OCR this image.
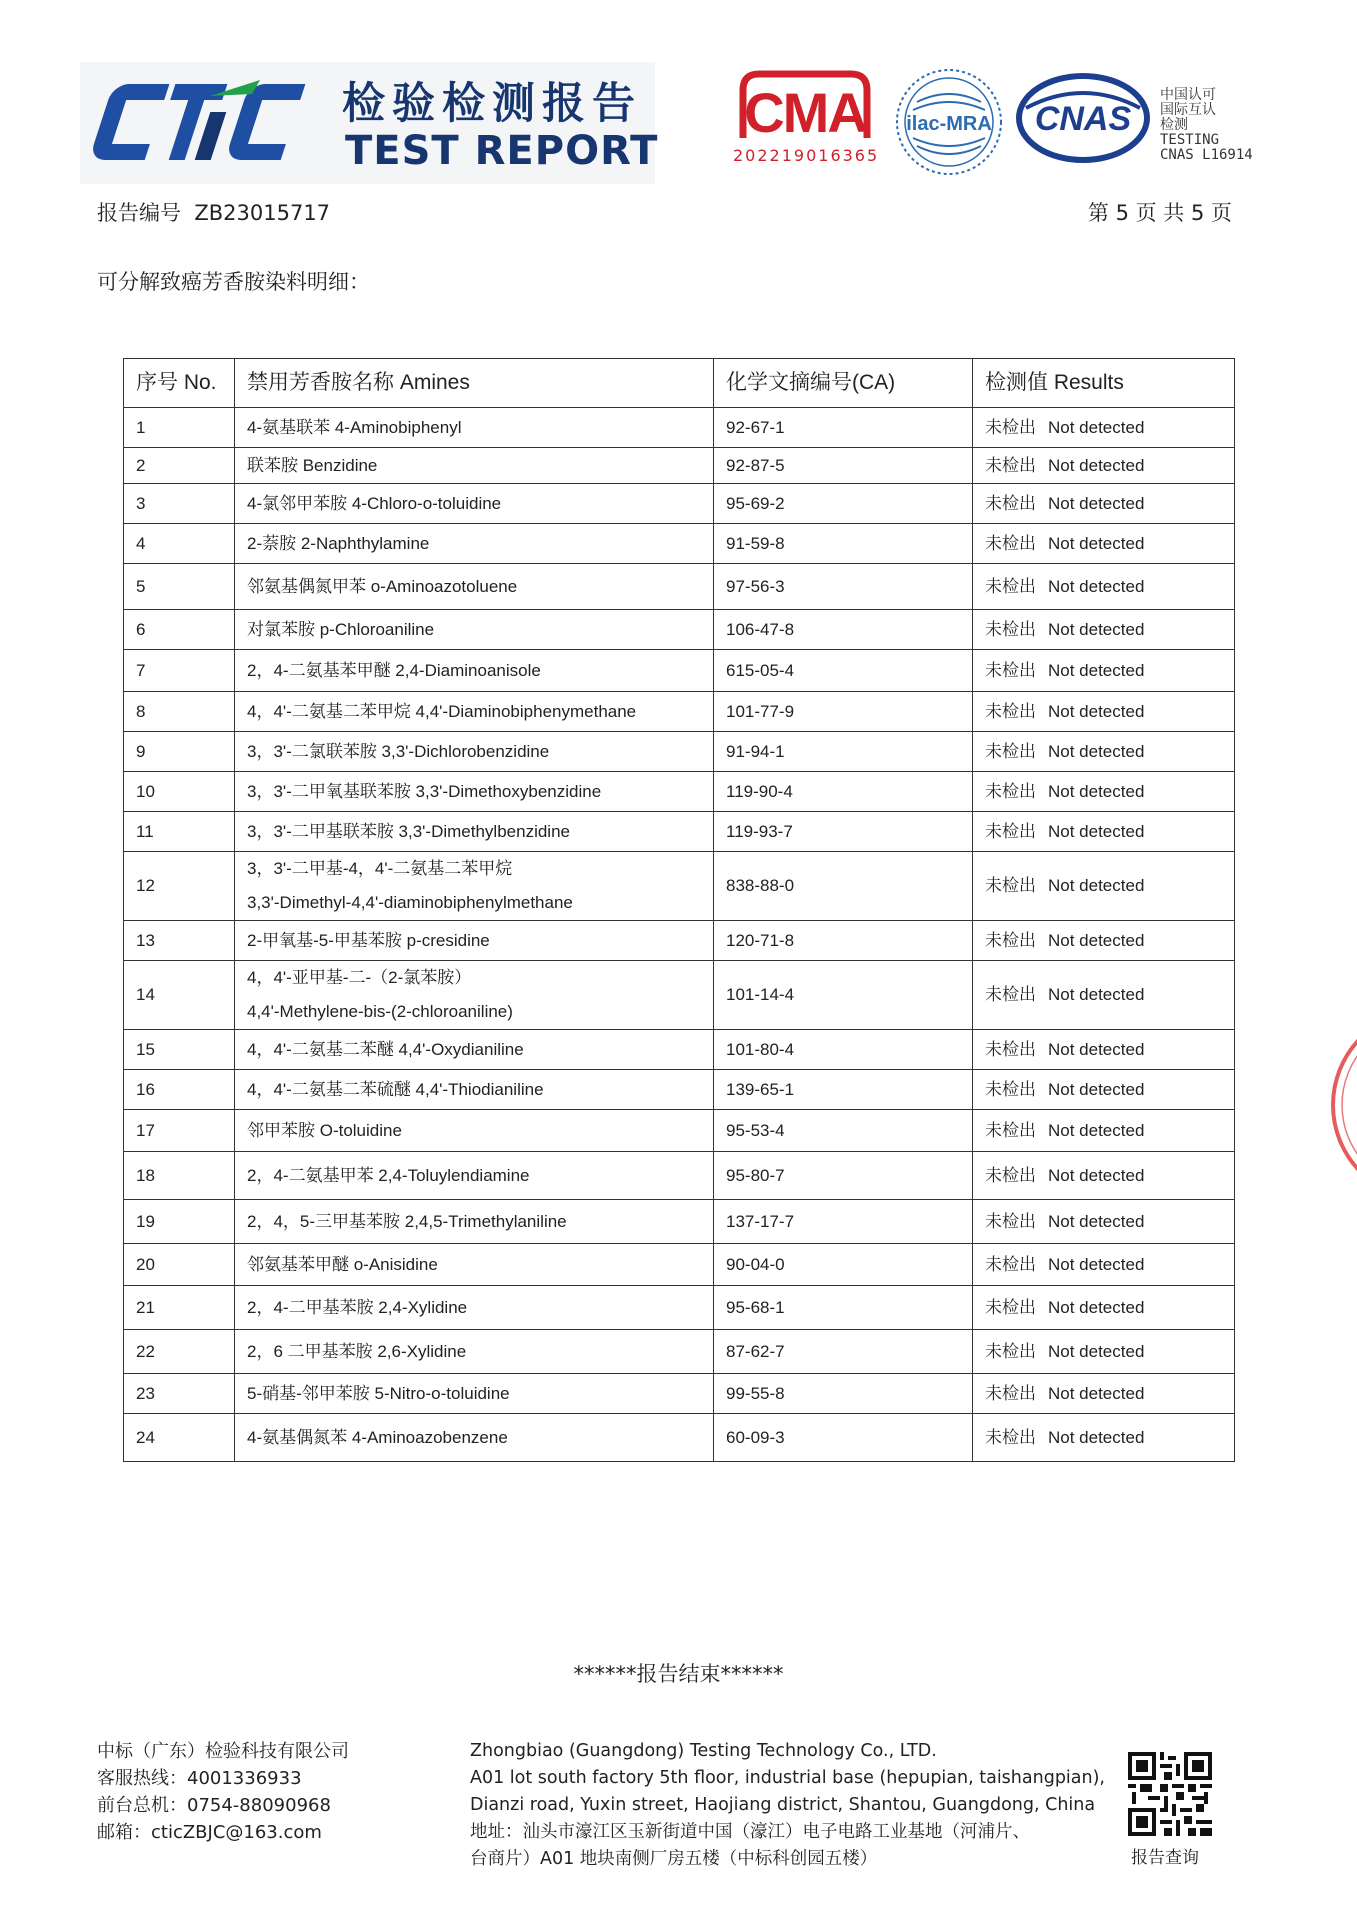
检验检测报告
TEST REPORT
CMA
202219016365
ilac-MRA CNAS
中国认可
国际互认
检测
TESTING
CNAS L16914
报告编号 ZB23015717	第 5 页 共 5 页
可分解致癌芳香胺染料明细：
序号 No.	禁用芳香胺名称 Amines	化学文摘编号(CA)	检测值 Results
1	4-氨基联苯 4-Aminobiphenyl	92-67-1	未检出 Not detected
2	联苯胺 Benzidine	92-87-5	未检出 Not detected
3	4-氯邻甲苯胺 4-Chloro-o-toluidine	95-69-2	未检出 Not detected
4	2-萘胺 2-Naphthylamine	91-59-8	未检出 Not detected
5	邻氨基偶氮甲苯 o-Aminoazotoluene	97-56-3	未检出 Not detected
6	对氯苯胺 p-Chloroaniline	106-47-8	未检出 Not detected
7	2，4-二氨基苯甲醚 2,4-Diaminoanisole	615-05-4	未检出 Not detected
8	4，4'-二氨基二苯甲烷 4,4'-Diaminobiphenymethane	101-77-9	未检出 Not detected
9	3，3'-二氯联苯胺 3,3'-Dichlorobenzidine	91-94-1	未检出 Not detected
10	3，3'-二甲氧基联苯胺 3,3'-Dimethoxybenzidine	119-90-4	未检出 Not detected
11	3，3'-二甲基联苯胺 3,3'-Dimethylbenzidine	119-93-7	未检出 Not detected
12	3，3'-二甲基-4，4'-二氨基二苯甲烷
3,3'-Dimethyl-4,4'-diaminobiphenylmethane	838-88-0	未检出 Not detected
13	2-甲氧基-5-甲基苯胺 p-cresidine	120-71-8	未检出 Not detected
14	4，4'-亚甲基-二-（2-氯苯胺）
4,4'-Methylene-bis-(2-chloroaniline)	101-14-4	未检出 Not detected
15	4，4'-二氨基二苯醚 4,4'-Oxydianiline	101-80-4	未检出 Not detected
16	4，4'-二氨基二苯硫醚 4,4'-Thiodianiline	139-65-1	未检出 Not detected
17	邻甲苯胺 O-toluidine	95-53-4	未检出 Not detected
18	2，4-二氨基甲苯 2,4-Toluylendiamine	95-80-7	未检出 Not detected
19	2，4，5-三甲基苯胺 2,4,5-Trimethylaniline	137-17-7	未检出 Not detected
20	邻氨基苯甲醚 o-Anisidine	90-04-0	未检出 Not detected
21	2，4-二甲基苯胺 2,4-Xylidine	95-68-1	未检出 Not detected
22	2，6 二甲基苯胺 2,6-Xylidine	87-62-7	未检出 Not detected
23	5-硝基-邻甲苯胺 5-Nitro-o-toluidine	99-55-8	未检出 Not detected
24	4-氨基偶氮苯 4-Aminoazobenzene	60-09-3	未检出 Not detected
******报告结束******
中标（广东）检验科技有限公司
客服热线：4001336933
前台总机：0754-88090968
邮箱：cticZBJC@163.com
Zhongbiao (Guangdong) Testing Technology Co., LTD.
A01 lot south factory 5th floor, industrial base (hepupian, taishangpian),
Dianzi road, Yuxin street, Haojiang district, Shantou, Guangdong, China
地址：汕头市濠江区玉新街道中国（濠江）电子电路工业基地（河浦片、
台商片）A01 地块南侧厂房五楼（中标科创园五楼）	报告查询
